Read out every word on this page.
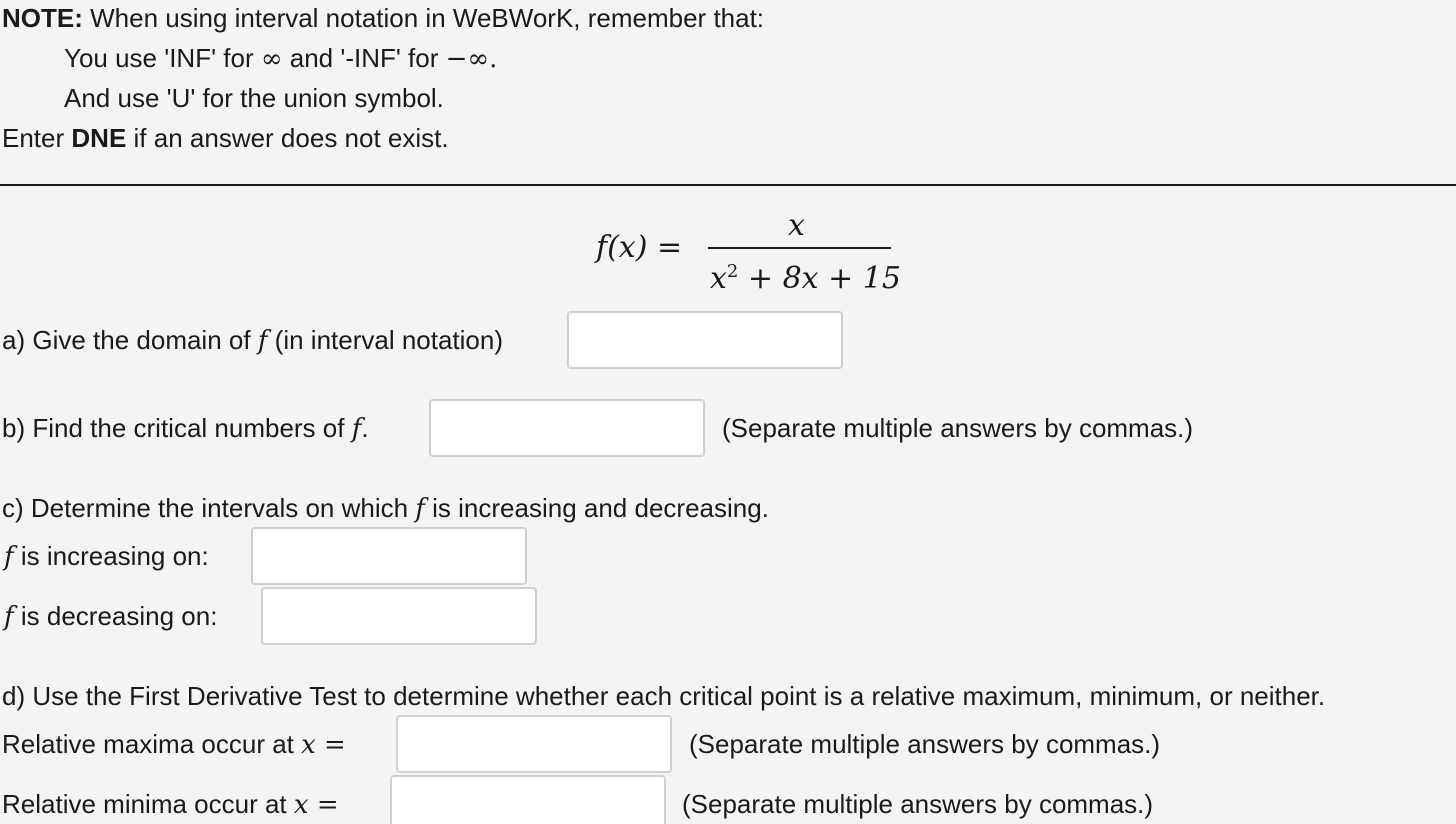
NOTE: When using interval notation in WeBWorK, remember that:
You use 'INF' for ∞ and '-INF' for −∞.
And use 'U' for the union symbol.
Enter DNE if an answer does not exist.
f(x) =
x
$x^2 + 8x + 15$
a) Give the domain of f (in interval notation)
b) Find the critical numbers of f.	(Separate multiple answers by commas.)
c) Determine the intervals on which f is increasing and decreasing.
f is increasing on:
f is decreasing on:
d) Use the First Derivative Test to determine whether each critical point is a relative maximum, minimum, or neither.
Relative maxima occur at x =	(Separate multiple answers by commas.)
Relative minima occur at x =	(Separate multiple answers by commas.)
